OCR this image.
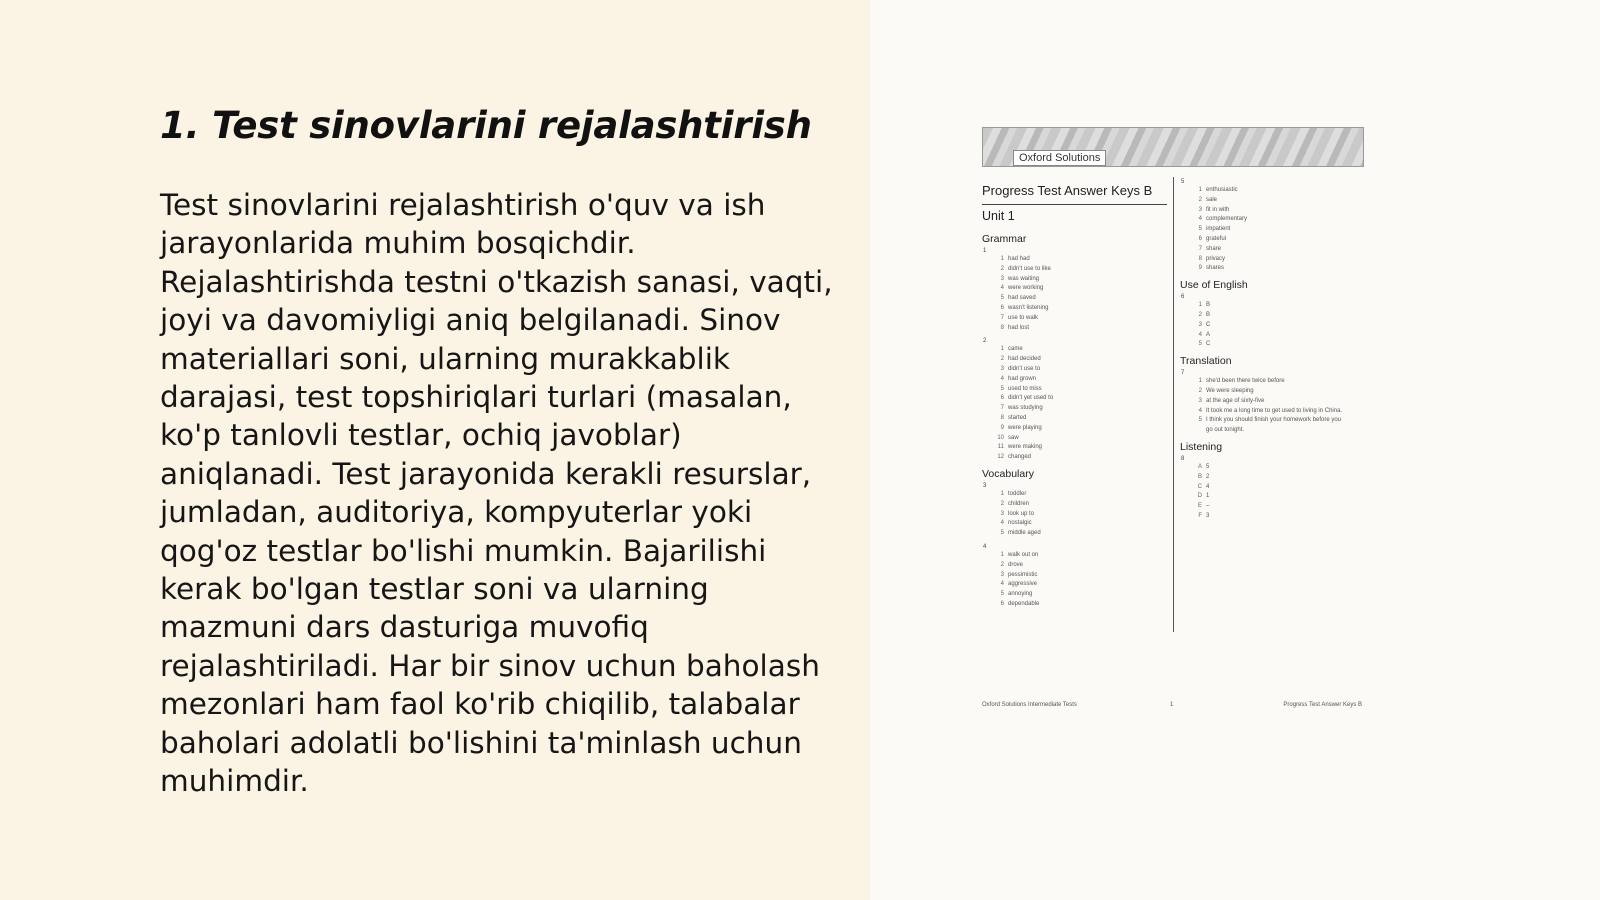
1. Test sinovlarini rejalashtirish

Test sinovlarini rejalashtirish o'quv va ish jarayonlarida muhim bosqichdir. Rejalashtirishda testni o'tkazish sanasi, vaqti, joyi va davomiyligi aniq belgilanadi. Sinov materiallari soni, ularning murakkablik darajasi, test topshiriqlari turlari (masalan, ko'p tanlovli testlar, ochiq javoblar) aniqlanadi. Test jarayonida kerakli resurslar, jumladan, auditoriya, kompyuterlar yoki qog'oz testlar bo'lishi mumkin. Bajarilishi kerak bo'lgan testlar soni va ularning mazmuni dars dasturiga muvofiq rejalashtiriladi. Har bir sinov uchun baholash mezonlari ham faol ko'rib chiqilib, talabalar baholari adolatli bo'lishini ta'minlash uchun muhimdir.

Oxford Solutions
Progress Test Answer Keys B
Unit 1
Grammar
1
1 had had
2 didn't use to like
3 was waiting
4 were working
5 had saved
6 wasn't listening
7 use to walk
8 had lost
2
1 came
2 had decided
3 didn't use to
4 had grown
5 used to miss
6 didn't yet used to
7 was studying
8 started
9 were playing
10 saw
11 were making
12 changed
Vocabulary
3
1 toddler
2 children
3 look up to
4 nostalgic
5 middle aged
4
1 walk out on
2 drove
3 pessimistic
4 aggressive
5 annoying
6 dependable
5
1 enthusiastic
2 sale
3 fit in with
4 complementary
5 impatient
6 grateful
7 share
8 privacy
9 shares
Use of English
6
1 B
2 B
3 C
4 A
5 C
Translation
7
1 she'd been there twice before
2 We were sleeping
3 at the age of sixty-five
4 It took me a long time to get used to living in China.
5 I think you should finish your homework before you
go out tonight.
Listening
8
A 5
B 2
C 4
D 1
E –
F 3
Oxford Solutions Intermediate Tests	1	Progress Test Answer Keys B
